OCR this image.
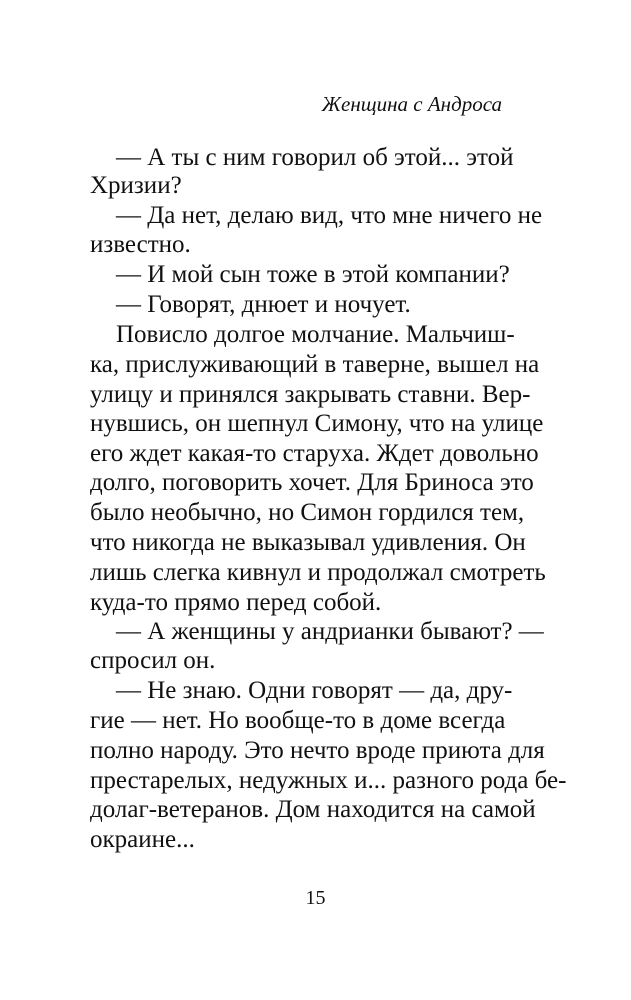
Женщина с Андроса
— А ты с ним говорил об этой... этой
Хризии?
— Да нет, делаю вид, что мне ничего не
известно.
— И мой сын тоже в этой компании?
— Говорят, днюет и ночует.
Повисло долгое молчание. Мальчиш-
ка, прислуживающий в таверне, вышел на
улицу и принялся закрывать ставни. Вер-
нувшись, он шепнул Симону, что на улице
его ждет какая-то старуха. Ждет довольно
долго, поговорить хочет. Для Бриноса это
было необычно, но Симон гордился тем,
что никогда не выказывал удивления. Он
лишь слегка кивнул и продолжал смотреть
куда-то прямо перед собой.
— А женщины у андрианки бывают? —
спросил он.
— Не знаю. Одни говорят — да, дру-
гие — нет. Но вообще-то в доме всегда
полно народу. Это нечто вроде приюта для
престарелых, недужных и... разного рода бе-
долаг-ветеранов. Дом находится на самой
окраине...
15
